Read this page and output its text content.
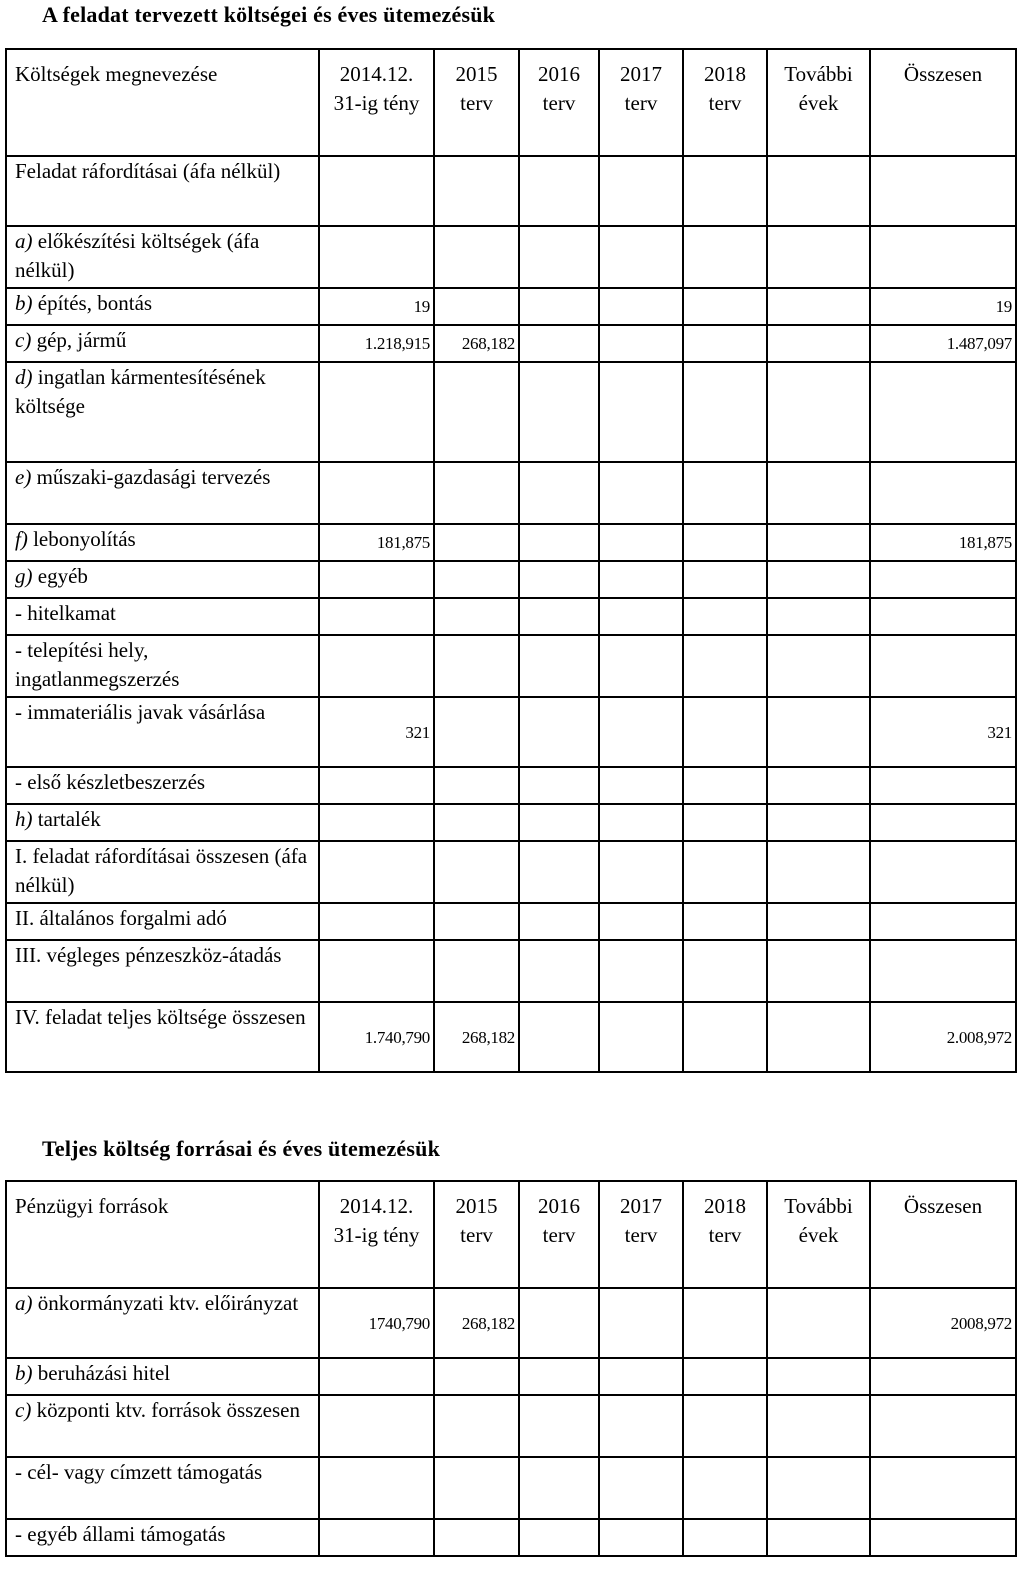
A feladat tervezett költségei és éves ütemezésük
Költségek megnevezése	2014.12. 31-ig tény	2015 terv	2016 terv	2017 terv	2018 terv	További évek	Összesen
Feladat ráfordításai (áfa nélkül)							
a) előkészítési költségek (áfa nélkül)							
b) építés, bontás	19						19
c) gép, jármű	1.218,915	268,182					1.487,097
d) ingatlan kármentesítésének költsége							
e) műszaki-gazdasági tervezés							
f) lebonyolítás	181,875						181,875
g) egyéb							
- hitelkamat							
- telepítési hely, ingatlanmegszerzés							
- immateriális javak vásárlása	321						321
- első készletbeszerzés							
h) tartalék							
I. feladat ráfordításai összesen (áfa nélkül)							
II. általános forgalmi adó							
III. végleges pénzeszköz-átadás							
IV. feladat teljes költsége összesen	1.740,790	268,182					2.008,972
Teljes költség forrásai és éves ütemezésük
Pénzügyi források	2014.12. 31-ig tény	2015 terv	2016 terv	2017 terv	2018 terv	További évek	Összesen
a) önkormányzati ktv. előirányzat	1740,790	268,182					2008,972
b) beruházási hitel							
c) központi ktv. források összesen							
- cél- vagy címzett támogatás							
- egyéb állami támogatás							
